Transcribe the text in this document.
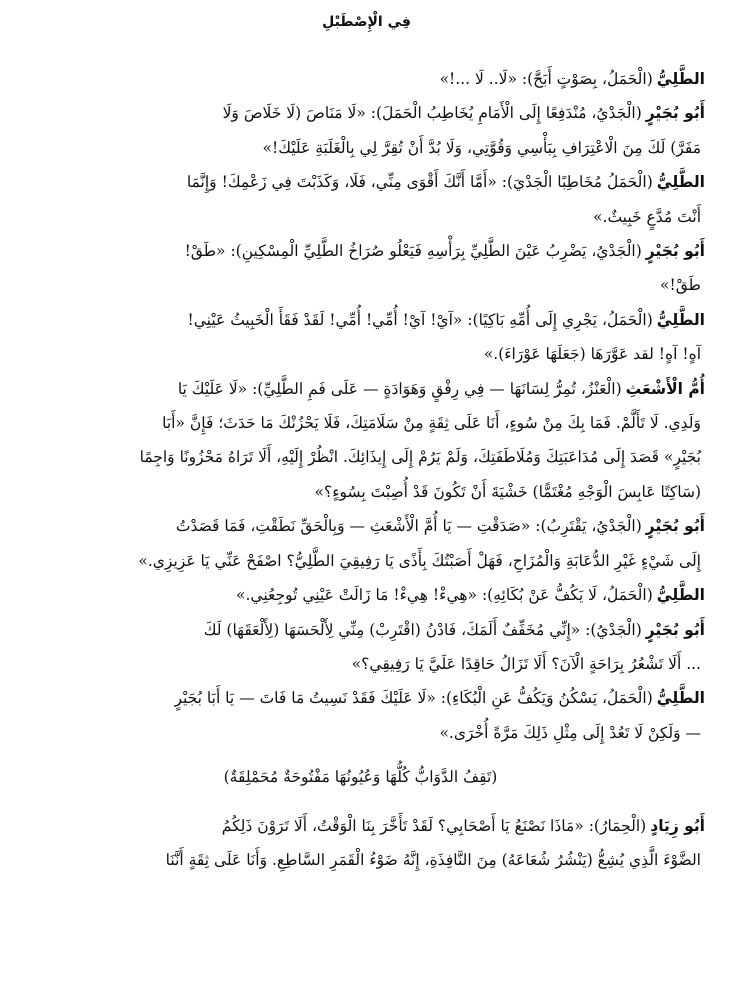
فِي الْإِصْطَبْلِ

الطَّلِيُّ(الْحَمَلُ، بِصَوْتٍ أَبَحَّ): «لَا.. لَا ...!»

أَبُو بُجَيْرٍ(الْجَدْيُ، مُنْدَفِعًا إِلَى الْأَمَامِ يُخَاطِبُ الْحَمَلَ): «لَا مَنَاصَ (لَا خَلَاصَ وَلَا

مَفَرَّ) لَكَ مِنَ الْاعْتِرَافِ بِبَأْسِي وَقُوَّتِي، وَلَا بُدَّ أَنْ تُقِرَّ لِي بِالْغَلَبَةِ عَلَيْكَ!»

الطَّلِيُّ(الْحَمَلُ مُخَاطِبًا الْجَدْيَ): «أَمَّا أَنَّكَ أَقْوَى مِنِّي، فَلَا، وَكَذَبْتَ فِي زَعْمِكَ! وَإِنَّمَا

أَنْتَ مُدَّعٍ خَبِيثٌ.»

أَبُو بُجَيْرٍ(الْجَدْيُ، يَضْرِبُ عَيْنَ الطَّلِيِّ بِرَأْسِهِ فَيَعْلُو صُرَاخُ الطَّلِيِّ الْمِسْكِينِ): «طَقْ!

طَقْ!»

الطَّلِيُّ(الْحَمَلُ، يَجْرِي إِلَى أُمِّهِ بَاكِيًا): «آيْ! آيْ! أُمِّي! أُمِّي! لَقَدْ فَقَأَ الْخَبِيثُ عَيْنِي!

آهٍ! آهٍ! لقد عَوَّرَهَا (جَعَلَهَا عَوْرَاءَ).»

أُمُّ الْأَشْعَثِ(الْعَنْزُ، تُمِرُّ لِسَانَهَا — فِي رِفْقٍ وَهَوَادَةٍ — عَلَى فَمِ الطَّلِيِّ): «لَا عَلَيْكَ يَا

وَلَدِي. لَا تَأَلَّمْ. فَمَا بِكَ مِنْ سُوءٍ، أَنَا عَلَى ثِقَةٍ مِنْ سَلَامَتِكَ، فَلَا يَحْزُنْكَ مَا حَدَثَ؛ فَإِنَّ «أَبَا

بُجَيْرٍ» قَصَدَ إِلَى مُدَاعَبَتِكَ وَمُلَاطَفَتِكَ، وَلَمْ يَرُمْ إِلَى إِيذَائِكَ. انْظُرْ إِلَيْهِ، أَلَا تَرَاهُ مَحْزُونًا وَاجِمًا

(سَاكِتًا عَابِسَ الْوَجْهِ مُغْتَمًّا) خَشْيَةَ أَنْ تَكُونَ قَدْ أُصِبْتَ بِسُوءٍ؟»

أَبُو بُجَيْرٍ(الْجَدْيُ، يَقْتَرِبُ): «صَدَقْتِ — يَا أُمَّ الْأَشْعَثِ — وَبِالْحَقِّ نَطَقْتِ، فَمَا قَصَدْتُ

إِلَى شَيْءٍ غَيْرِ الدُّعَابَةِ وَالْمُزَاحِ، فَهَلْ أَصَبْتُكَ بِأَذًى يَا رَفِيقِيَ الطَّلِيُّ؟ اصْفَحْ عَنِّي يَا عَزِيزِي.»

الطَّلِيُّ(الْحَمَلُ، لَا يَكُفُّ عَنْ بُكَائِهِ): «هِيءْ! هِيءْ! مَا زَالَتْ عَيْنِي تُوجِعُنِي.»

أَبُو بُجَيْرٍ(الْجَدْيُ): «إِنِّي مُخَفِّفٌ أَلَمَكَ، فَادْنُ (اقْتَرِبْ) مِنِّي لِأَلْحَسَهَا (لِأَلْعَقَهَا) لَكَ

... أَلَا تَشْعُرُ بِرَاحَةٍ الْآنَ؟ أَلَا تَزَالُ حَاقِدًا عَلَيَّ يَا رَفِيقِي؟»

الطَّلِيُّ(الْحَمَلُ، يَسْكُنُ وَيَكُفُّ عَنِ الْبُكَاءِ): «لَا عَلَيْكَ فَقَدْ نَسِيتُ مَا فَاتَ — يَا أَبَا بُجَيْرٍ

— وَلَكِنْ لَا تَعُدْ إِلَى مِثْلِ ذَلِكَ مَرَّةً أُخْرَى.»

(تَقِفُ الدَّوَابُّ كُلُّهَا وَعُيُونُهَا مَفْتُوحَةٌ مُحَمْلِقَةٌ)

أَبُو زِيَادٍ(الْحِمَارُ): «مَاذَا نَصْنَعُ يَا أَصْحَابِي؟ لَقَدْ تَأَخَّرَ بِنَا الْوَقْتُ، أَلَا تَرَوْنَ ذَلِكُمُ

الضَّوْءَ الَّذِي يُشِعُّ (يَنْشُرُ شُعَاعَهُ) مِنَ النَّافِذَةِ، إِنَّهُ ضَوْءُ الْقَمَرِ السَّاطِعِ. وَأَنَا عَلَى ثِقَةٍ أَنَّنَا
